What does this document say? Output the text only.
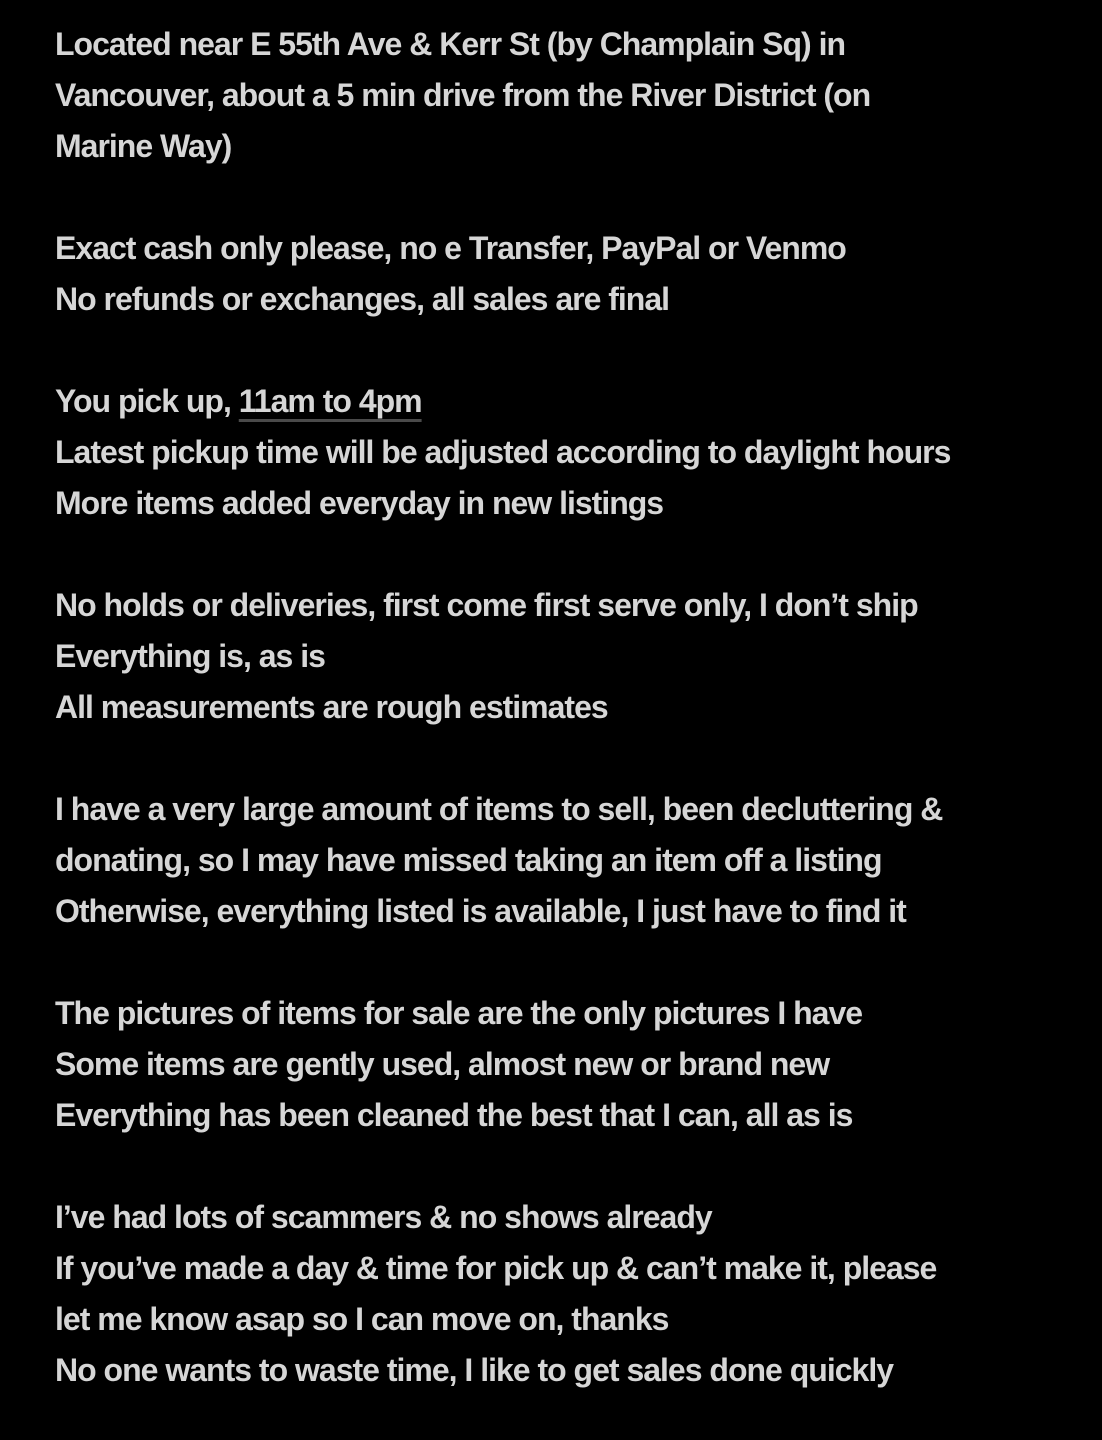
Located near E 55th Ave & Kerr St (by Champlain Sq) in
Vancouver, about a 5 min drive from the River District (on
Marine Way)

Exact cash only please, no e Transfer, PayPal or Venmo
No refunds or exchanges, all sales are final

You pick up, 11am to 4pm
Latest pickup time will be adjusted according to daylight hours
More items added everyday in new listings

No holds or deliveries, first come first serve only, I don’t ship
Everything is, as is
All measurements are rough estimates

I have a very large amount of items to sell, been decluttering &
donating, so I may have missed taking an item off a listing
Otherwise, everything listed is available, I just have to find it

The pictures of items for sale are the only pictures I have
Some items are gently used, almost new or brand new
Everything has been cleaned the best that I can, all as is

I’ve had lots of scammers & no shows already
If you’ve made a day & time for pick up & can’t make it, please
let me know asap so I can move on, thanks
No one wants to waste time, I like to get sales done quickly
